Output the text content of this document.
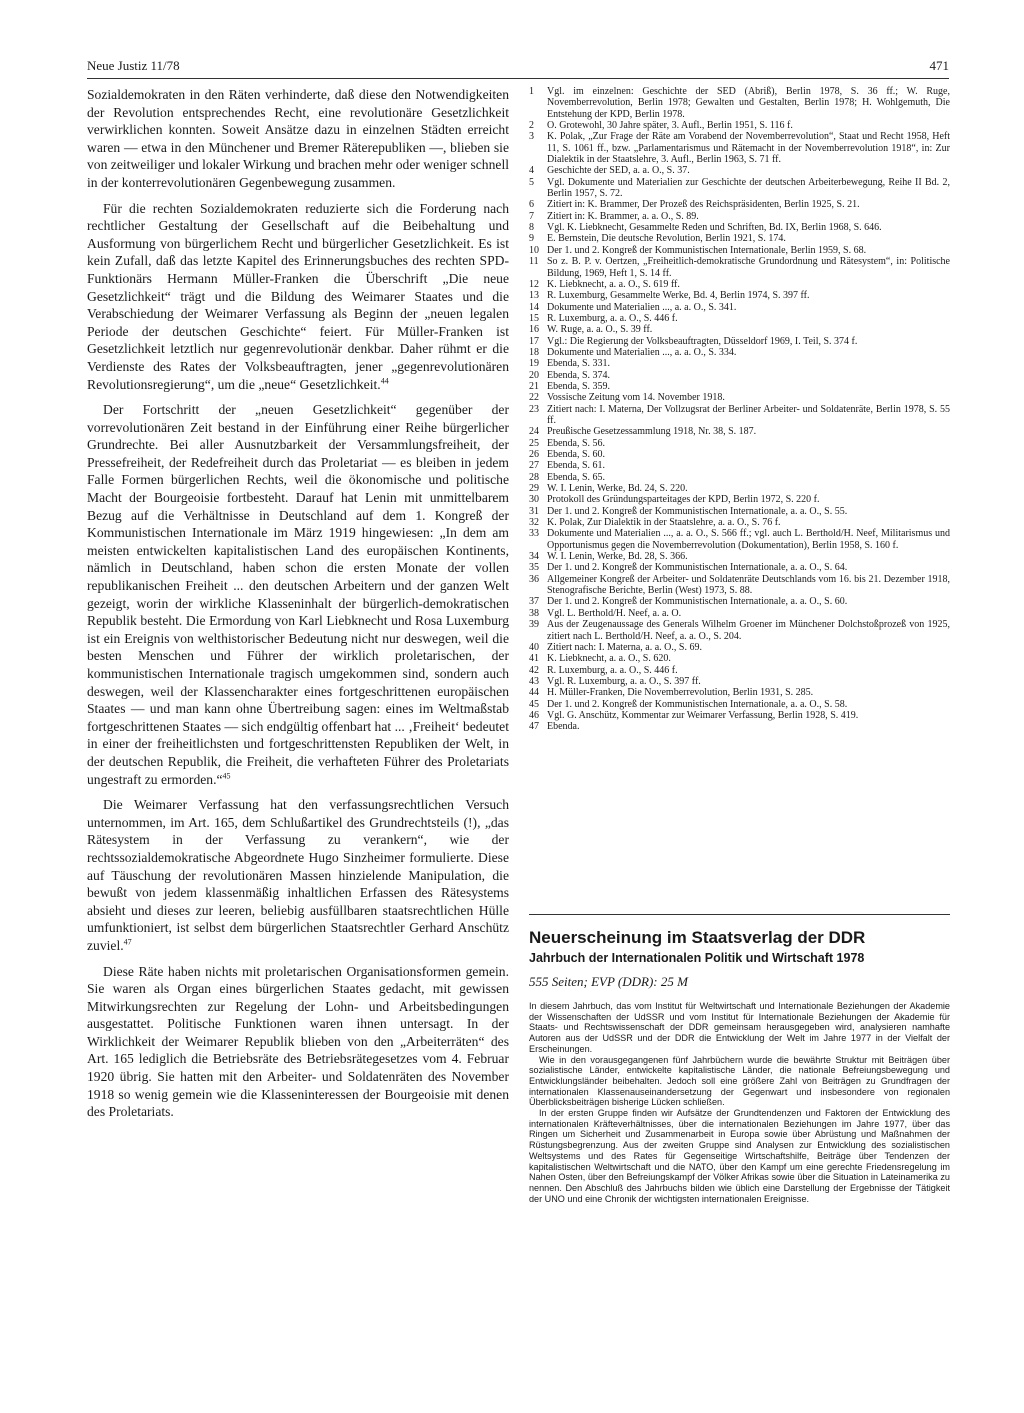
Neue Justiz 11/78	471

Sozialdemokraten in den Räten verhinderte, daß diese den Notwendigkeiten der Revolution entsprechendes Recht, eine revolutionäre Gesetzlichkeit verwirklichen konnten. Soweit Ansätze dazu in einzelnen Städten erreicht waren — etwa in den Münchener und Bremer Räterepubliken —, blieben sie von zeitweiliger und lokaler Wirkung und brachen mehr oder weniger schnell in der konterrevolutionären Gegenbewegung zusammen.

Für die rechten Sozialdemokraten reduzierte sich die Forderung nach rechtlicher Gestaltung der Gesellschaft auf die Beibehaltung und Ausformung von bürgerlichem Recht und bürgerlicher Gesetzlichkeit. Es ist kein Zufall, daß das letzte Kapitel des Erinnerungsbuches des rechten SPD-Funktionärs Hermann Müller-Franken die Überschrift „Die neue Gesetzlichkeit“ trägt und die Bildung des Weimarer Staates und die Verabschiedung der Weimarer Verfassung als Beginn der „neuen legalen Periode der deutschen Geschichte“ feiert. Für Müller-Franken ist Gesetzlichkeit letztlich nur gegenrevolutionär denkbar. Daher rühmt er die Verdienste des Rates der Volksbeauftragten, jener „gegenrevolutionären Revolutionsregierung“, um die „neue“ Gesetzlichkeit.$^{44}$

Der Fortschritt der „neuen Gesetzlichkeit“ gegenüber der vorrevolutionären Zeit bestand in der Einführung einer Reihe bürgerlicher Grundrechte. Bei aller Ausnutzbarkeit der Versammlungsfreiheit, der Pressefreiheit, der Redefreiheit durch das Proletariat — es bleiben in jedem Falle Formen bürgerlichen Rechts, weil die ökonomische und politische Macht der Bourgeoisie fortbesteht. Darauf hat Lenin mit unmittelbarem Bezug auf die Verhältnisse in Deutschland auf dem 1. Kongreß der Kommunistischen Internationale im März 1919 hingewiesen: „In dem am meisten entwickelten kapitalistischen Land des europäischen Kontinents, nämlich in Deutschland, haben schon die ersten Monate der vollen republikanischen Freiheit ... den deutschen Arbeitern und der ganzen Welt gezeigt, worin der wirkliche Klasseninhalt der bürgerlich-demokratischen Republik besteht. Die Ermordung von Karl Liebknecht und Rosa Luxemburg ist ein Ereignis von welthistorischer Bedeutung nicht nur deswegen, weil die besten Menschen und Führer der wirklich proletarischen, der kommunistischen Internationale tragisch umgekommen sind, sondern auch deswegen, weil der Klassencharakter eines fortgeschrittenen europäischen Staates — und man kann ohne Übertreibung sagen: eines im Weltmaßstab fortgeschrittenen Staates — sich endgültig offenbart hat ... ‚Freiheit‘ bedeutet in einer der freiheitlichsten und fortgeschrittensten Republiken der Welt, in der deutschen Republik, die Freiheit, die verhafteten Führer des Proletariats ungestraft zu ermorden.“$^{45}$

Die Weimarer Verfassung hat den verfassungsrechtlichen Versuch unternommen, im Art. 165, dem Schlußartikel des Grundrechtsteils (!), „das Rätesystem in der Verfassung zu verankern“, wie der rechtssozialdemokratische Abgeordnete Hugo Sinzheimer formulierte. Diese auf Täuschung der revolutionären Massen hinzielende Manipulation, die bewußt von jedem klassenmäßig inhaltlichen Erfassen des Rätesystems absieht und dieses zur leeren, beliebig ausfüllbaren staatsrechtlichen Hülle umfunktioniert, ist selbst dem bürgerlichen Staatsrechtler Gerhard Anschütz zuviel.$^{47}$

Diese Räte haben nichts mit proletarischen Organisationsformen gemein. Sie waren als Organ eines bürgerlichen Staates gedacht, mit gewissen Mitwirkungsrechten zur Regelung der Lohn- und Arbeitsbedingungen ausgestattet. Politische Funktionen waren ihnen untersagt. In der Wirklichkeit der Weimarer Republik blieben von den „Arbeiterräten“ des Art. 165 lediglich die Betriebsräte des Betriebsrätegesetzes vom 4. Februar 1920 übrig. Sie hatten mit den Arbeiter- und Soldatenräten des November 1918 so wenig gemein wie die Klasseninteressen der Bourgeoisie mit denen des Proletariats.

1	Vgl. im einzelnen: Geschichte der SED (Abriß), Berlin 1978, S. 36 ff.; W. Ruge, Novemberrevolution, Berlin 1978; Gewalten und Gestalten, Berlin 1978; H. Wohlgemuth, Die Entstehung der KPD, Berlin 1978.
2	O. Grotewohl, 30 Jahre später, 3. Aufl., Berlin 1951, S. 116 f.
3	K. Polak, „Zur Frage der Räte am Vorabend der Novemberrevolution“, Staat und Recht 1958, Heft 11, S. 1061 ff., bzw. „Parlamentarismus und Rätemacht in der Novemberrevolution 1918“, in: Zur Dialektik in der Staatslehre, 3. Aufl., Berlin 1963, S. 71 ff.
4	Geschichte der SED, a. a. O., S. 37.
5	Vgl. Dokumente und Materialien zur Geschichte der deutschen Arbeiterbewegung, Reihe II Bd. 2, Berlin 1957, S. 72.
6	Zitiert in: K. Brammer, Der Prozeß des Reichspräsidenten, Berlin 1925, S. 21.
7	Zitiert in: K. Brammer, a. a. O., S. 89.
8	Vgl. K. Liebknecht, Gesammelte Reden und Schriften, Bd. IX, Berlin 1968, S. 646.
9	E. Bernstein, Die deutsche Revolution, Berlin 1921, S. 174.
10 Der 1. und 2. Kongreß der Kommunistischen Internationale, Berlin 1959, S. 68.
11 So z. B. P. v. Oertzen, „Freiheitlich-demokratische Grundordnung und Rätesystem“, in: Politische Bildung, 1969, Heft 1, S. 14 ff.
12 K. Liebknecht, a. a. O., S. 619 ff.
13 R. Luxemburg, Gesammelte Werke, Bd. 4, Berlin 1974, S. 397 ff.
14 Dokumente und Materialien ..., a. a. O., S. 341.
15 R. Luxemburg, a. a. O., S. 446 f.
16 W. Ruge, a. a. O., S. 39 ff.
17 Vgl.: Die Regierung der Volksbeauftragten, Düsseldorf 1969, I. Teil, S. 374 f.
18 Dokumente und Materialien ..., a. a. O., S. 334.
19 Ebenda, S. 331.
20 Ebenda, S. 374.
21 Ebenda, S. 359.
22 Vossische Zeitung vom 14. November 1918.
23 Zitiert nach: I. Materna, Der Vollzugsrat der Berliner Arbeiter- und Soldatenräte, Berlin 1978, S. 55 ff.
24 Preußische Gesetzessammlung 1918, Nr. 38, S. 187.
25 Ebenda, S. 56.
26 Ebenda, S. 60.
27 Ebenda, S. 61.
28 Ebenda, S. 65.
29 W. I. Lenin, Werke, Bd. 24, S. 220.
30 Protokoll des Gründungsparteitages der KPD, Berlin 1972, S. 220 f.
31 Der 1. und 2. Kongreß der Kommunistischen Internationale, a. a. O., S. 55.
32 K. Polak, Zur Dialektik in der Staatslehre, a. a. O., S. 76 f.
33 Dokumente und Materialien ..., a. a. O., S. 566 ff.; vgl. auch L. Berthold/H. Neef, Militarismus und Opportunismus gegen die Novemberrevolution (Dokumentation), Berlin 1958, S. 160 f.
34 W. I. Lenin, Werke, Bd. 28, S. 366.
35 Der 1. und 2. Kongreß der Kommunistischen Internationale, a. a. O., S. 64.
36 Allgemeiner Kongreß der Arbeiter- und Soldatenräte Deutschlands vom 16. bis 21. Dezember 1918, Stenografische Berichte, Berlin (West) 1973, S. 88.
37 Der 1. und 2. Kongreß der Kommunistischen Internationale, a. a. O., S. 60.
38 Vgl. L. Berthold/H. Neef, a. a. O.
39 Aus der Zeugenaussage des Generals Wilhelm Groener im Münchener Dolchstoßprozeß von 1925, zitiert nach L. Berthold/H. Neef, a. a. O., S. 204.
40 Zitiert nach: I. Materna, a. a. O., S. 69.
41 K. Liebknecht, a. a. O., S. 620.
42 R. Luxemburg, a. a. O., S. 446 f.
43 Vgl. R. Luxemburg, a. a. O., S. 397 ff.
44 H. Müller-Franken, Die Novemberrevolution, Berlin 1931, S. 285.
45 Der 1. und 2. Kongreß der Kommunistischen Internationale, a. a. O., S. 58.
46 Vgl. G. Anschütz, Kommentar zur Weimarer Verfassung, Berlin 1928, S. 419.
47 Ebenda.
Neuerscheinung im Staatsverlag der DDR
Jahrbuch der Internationalen Politik und Wirtschaft 1978
555 Seiten; EVP (DDR): 25 M

In diesem Jahrbuch, das vom Institut für Weltwirtschaft und Internationale Beziehungen der Akademie der Wissenschaften der UdSSR und vom Institut für Internationale Beziehungen der Akademie für Staats- und Rechtswissenschaft der DDR gemeinsam herausgegeben wird, analysieren namhafte Autoren aus der UdSSR und der DDR die Entwicklung der Welt im Jahre 1977 in der Vielfalt der Erscheinungen.

Wie in den vorausgegangenen fünf Jahrbüchern wurde die bewährte Struktur mit Beiträgen über sozialistische Länder, entwickelte kapitalistische Länder, die nationale Befreiungsbewegung und Entwicklungsländer beibehalten. Jedoch soll eine größere Zahl von Beiträgen zu Grundfragen der internationalen Klassenauseinandersetzung der Gegenwart und insbesondere von regionalen Überblicksbeiträgen bisherige Lücken schließen.

In der ersten Gruppe finden wir Aufsätze der Grundtendenzen und Faktoren der Entwicklung des internationalen Kräfteverhältnisses, über die internationalen Beziehungen im Jahre 1977, über das Ringen um Sicherheit und Zusammenarbeit in Europa sowie über Abrüstung und Maßnahmen der Rüstungsbegrenzung. Aus der zweiten Gruppe sind Analysen zur Entwicklung des sozialistischen Weltsystems und des Rates für Gegenseitige Wirtschaftshilfe, Beiträge über Tendenzen der kapitalistischen Weltwirtschaft und die NATO, über den Kampf um eine gerechte Friedensregelung im Nahen Osten, über den Befreiungskampf der Völker Afrikas sowie über die Situation in Lateinamerika zu nennen. Den Abschluß des Jahrbuchs bilden wie üblich eine Darstellung der Ergebnisse der Tätigkeit der UNO und eine Chronik der wichtigsten internationalen Ereignisse.
